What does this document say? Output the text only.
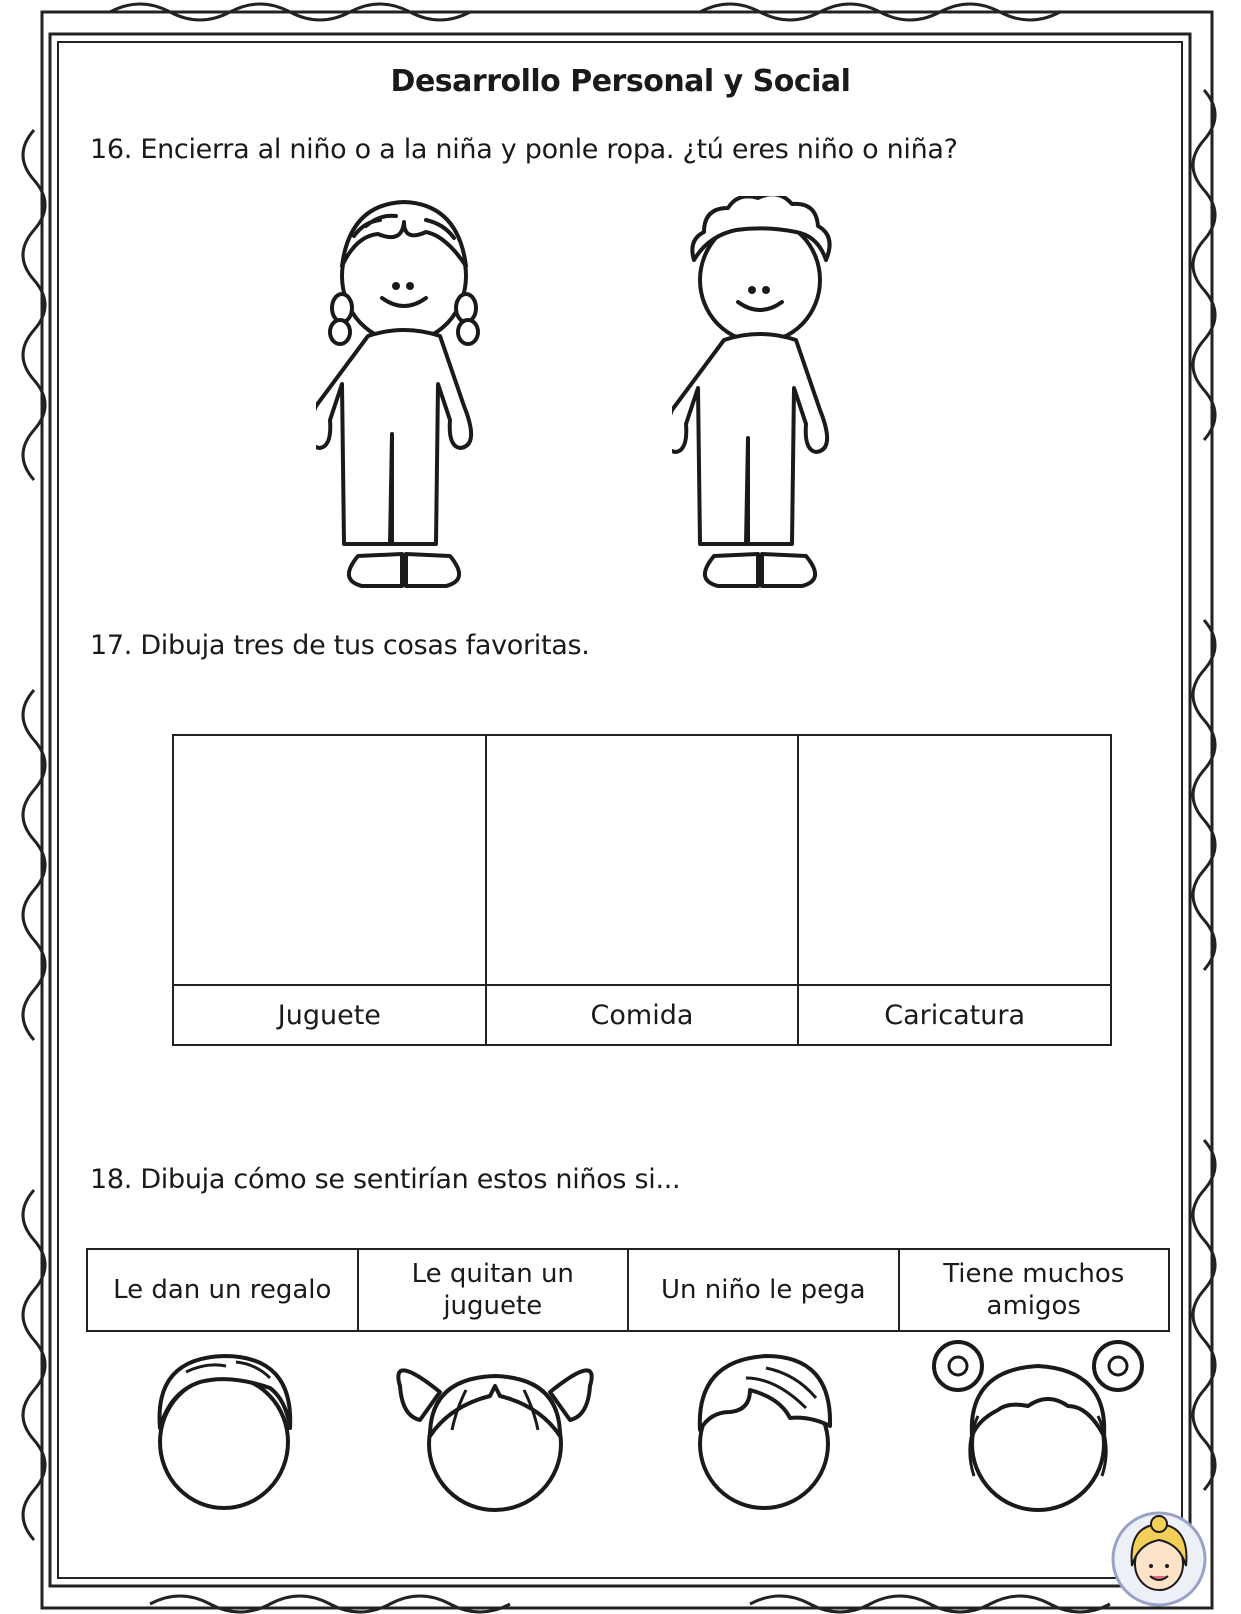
Desarrollo Personal y Social
16. Encierra al niño o a la niña y ponle ropa. ¿tú eres niño o niña?
17. Dibuja tres de tus cosas favoritas.

Juguete	Comida	Caricatura
18. Dibuja cómo se sentirían estos niños si...
Le dan un regalo	Le quitan un juguete	Un niño le pega	Tiene muchos amigos
